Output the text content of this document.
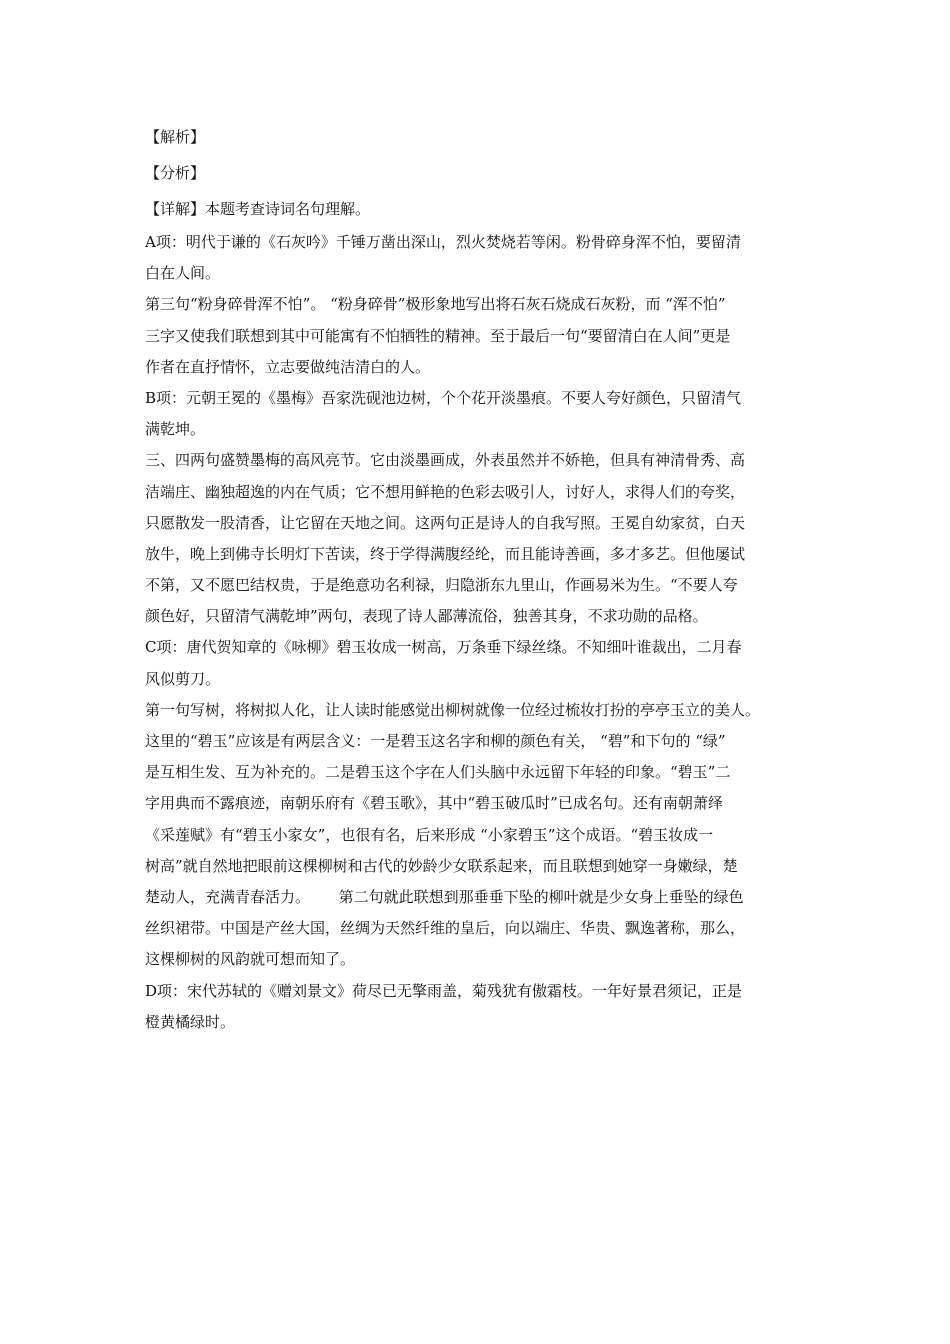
【解析】
【分析】
【详解】本题考查诗词名句理解。
A项：明代于谦的《石灰吟》千锤万凿出深山，烈火焚烧若等闲。粉骨碎身浑不怕，要留清
白在人间。
第三句“粉身碎骨浑不怕”。 “粉身碎骨”极形象地写出将石灰石烧成石灰粉，而 “浑不怕”
三字又使我们联想到其中可能寓有不怕牺牲的精神。至于最后一句“要留清白在人间”更是
作者在直抒情怀，立志要做纯洁清白的人。
B项：元朝王冕的《墨梅》吾家洗砚池边树，个个花开淡墨痕。不要人夸好颜色，只留清气
满乾坤。
三、四两句盛赞墨梅的高风亮节。它由淡墨画成，外表虽然并不娇艳，但具有神清骨秀、高
洁端庄、幽独超逸的内在气质；它不想用鲜艳的色彩去吸引人，讨好人，求得人们的夸奖，
只愿散发一股清香，让它留在天地之间。这两句正是诗人的自我写照。王冕自幼家贫，白天
放牛，晚上到佛寺长明灯下苦读，终于学得满腹经纶，而且能诗善画，多才多艺。但他屡试
不第，又不愿巴结权贵，于是绝意功名利禄，归隐浙东九里山，作画易米为生。“不要人夸
颜色好，只留清气满乾坤”两句，表现了诗人鄙薄流俗，独善其身，不求功勋的品格。
C项：唐代贺知章的《咏柳》碧玉妆成一树高，万条垂下绿丝绦。不知细叶谁裁出，二月春
风似剪刀。
第一句写树，将树拟人化，让人读时能感觉出柳树就像一位经过梳妆打扮的亭亭玉立的美人。
这里的“碧玉”应该是有两层含义：一是碧玉这名字和柳的颜色有关， “碧”和下句的 “绿”
是互相生发、互为补充的。二是碧玉这个字在人们头脑中永远留下年轻的印象。“碧玉”二
字用典而不露痕迹，南朝乐府有《碧玉歌》，其中“碧玉破瓜时”已成名句。还有南朝萧绎
《采莲赋》有“碧玉小家女”，也很有名，后来形成 “小家碧玉”这个成语。“碧玉妆成一
树高”就自然地把眼前这棵柳树和古代的妙龄少女联系起来，而且联想到她穿一身嫩绿，楚
楚动人，充满青春活力。      第二句就此联想到那垂垂下坠的柳叶就是少女身上垂坠的绿色
丝织裙带。中国是产丝大国，丝绸为天然纤维的皇后，向以端庄、华贵、飘逸著称，那么，
这棵柳树的风韵就可想而知了。
D项：宋代苏轼的《赠刘景文》荷尽已无擎雨盖，菊残犹有傲霜枝。一年好景君须记，正是
橙黄橘绿时。
